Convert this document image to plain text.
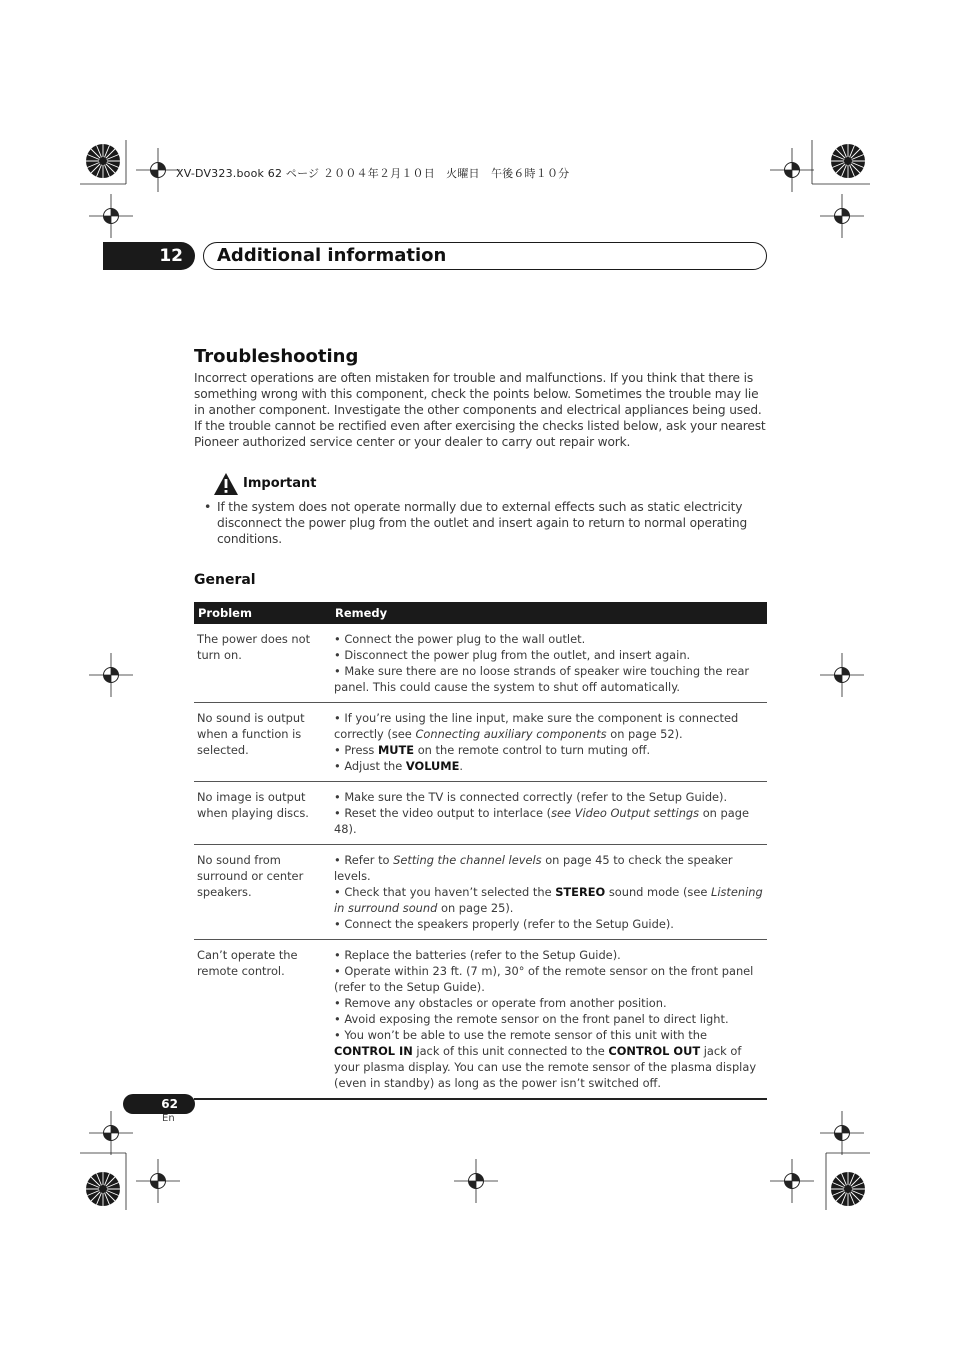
XV-DV323.book 62 ページ ２００４年２月１０日　火曜日　午後６時１０分
12	Additional information
Troubleshooting

Incorrect operations are often mistaken for trouble and malfunctions. If you think that there is something wrong with this component, check the points below. Sometimes the trouble may lie in another component. Investigate the other components and electrical appliances being used. If the trouble cannot be rectified even after exercising the checks listed below, ask your nearest Pioneer authorized service center or your dealer to carry out repair work.

Important
• If the system does not operate normally due to external effects such as static electricity disconnect the power plug from the outlet and insert again to return to normal operating conditions.

General
Problem	Remedy
The power does not turn on.	• Connect the power plug to the wall outlet.
• Disconnect the power plug from the outlet, and insert again.
• Make sure there are no loose strands of speaker wire touching the rear panel. This could cause the system to shut off automatically.

No sound is output when a function is selected.	• If you’re using the line input, make sure the component is connected correctly (see Connecting auxiliary components on page 52).
• Press MUTE on the remote control to turn muting off.
• Adjust the VOLUME.

No image is output when playing discs.	• Make sure the TV is connected correctly (refer to the Setup Guide).
• Reset the video output to interlace (see Video Output settings on page 48).

No sound from surround or center speakers.	• Refer to Setting the channel levels on page 45 to check the speaker levels.
• Check that you haven’t selected the STEREO sound mode (see Listening in surround sound on page 25).
• Connect the speakers properly (refer to the Setup Guide).

Can’t operate the remote control.	• Replace the batteries (refer to the Setup Guide).
• Operate within 23 ft. (7 m), 30° of the remote sensor on the front panel (refer to the Setup Guide).
• Remove any obstacles or operate from another position.
• Avoid exposing the remote sensor on the front panel to direct light.
• You won’t be able to use the remote sensor of this unit with the CONTROL IN jack of this unit connected to the CONTROL OUT jack of your plasma display. You can use the remote sensor of the plasma display (even in standby) as long as the power isn’t switched off.
62
En
